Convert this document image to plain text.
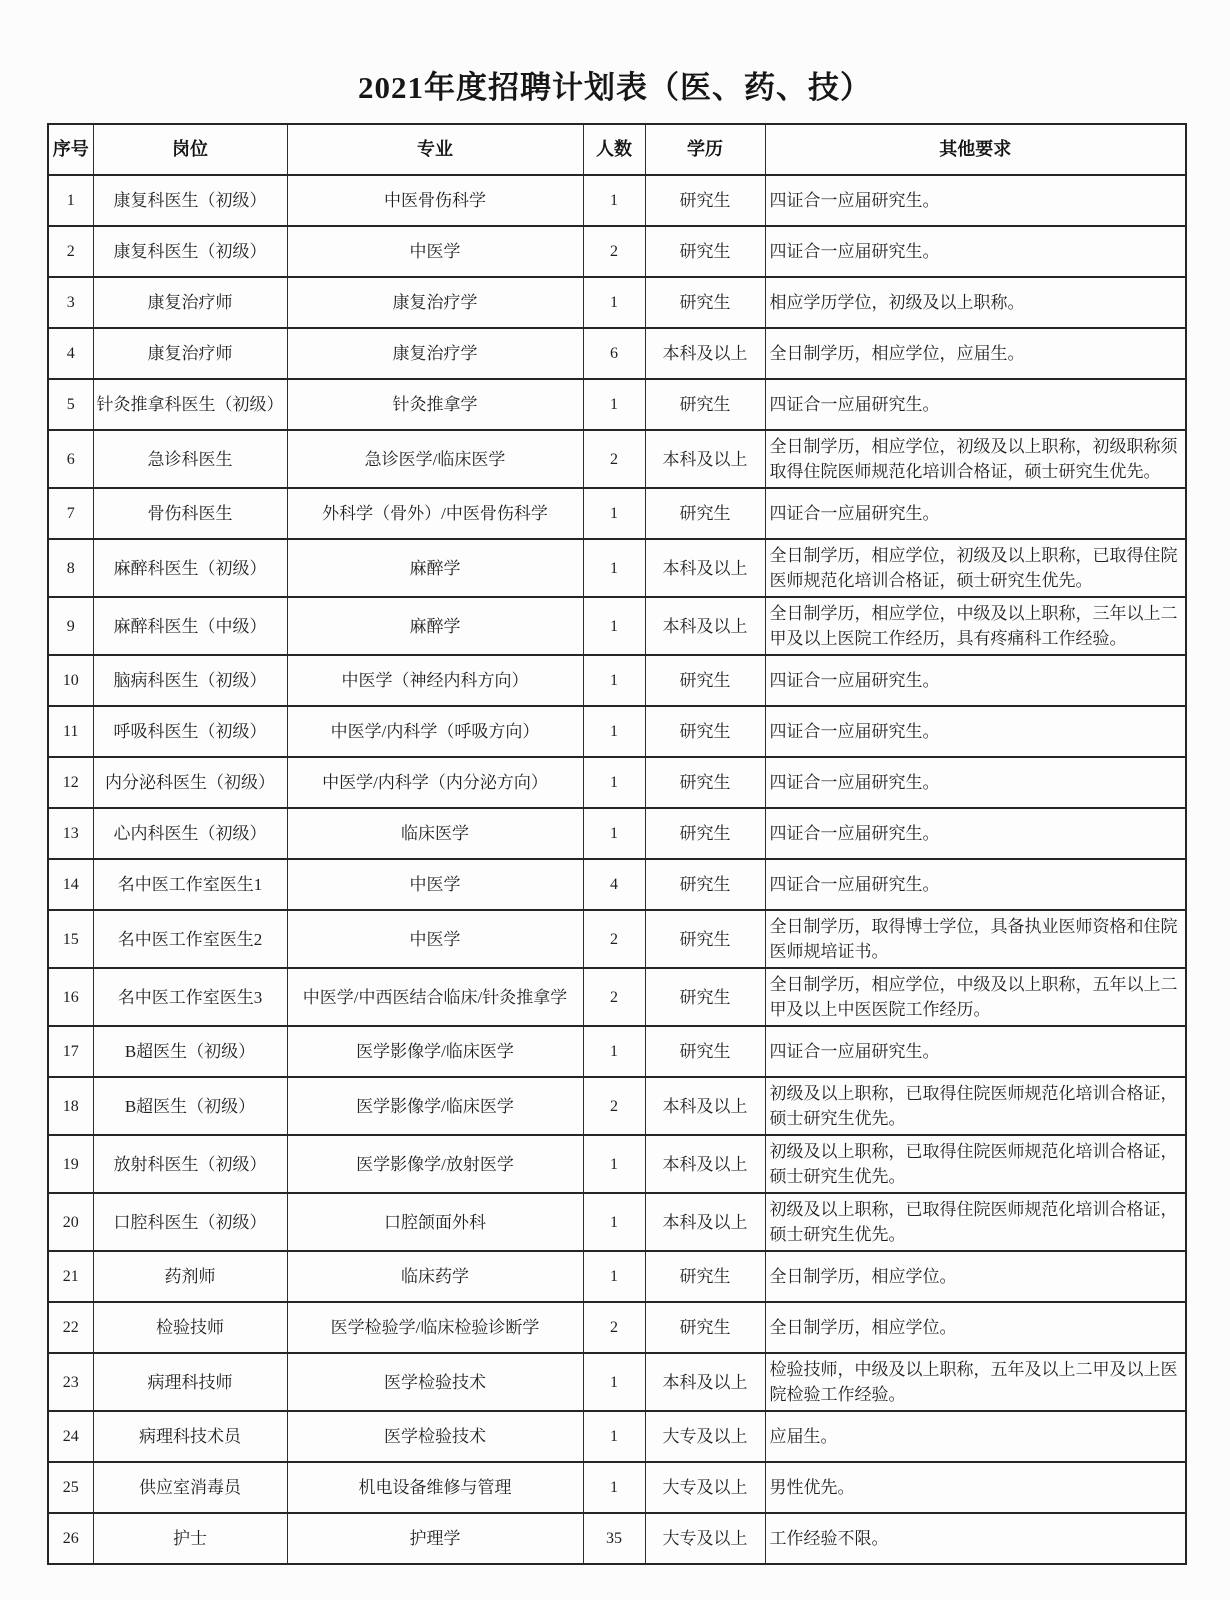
2021年度招聘计划表（医、药、技）
序号	岗位	专业	人数	学历	其他要求
1	康复科医生（初级）	中医骨伤科学	1	研究生	四证合一应届研究生。
2	康复科医生（初级）	中医学	2	研究生	四证合一应届研究生。
3	康复治疗师	康复治疗学	1	研究生	相应学历学位，初级及以上职称。
4	康复治疗师	康复治疗学	6	本科及以上	全日制学历，相应学位，应届生。
5	针灸推拿科医生（初级）	针灸推拿学	1	研究生	四证合一应届研究生。
6	急诊科医生	急诊医学/临床医学	2	本科及以上	全日制学历，相应学位，初级及以上职称，初级职称须取得住院医师规范化培训合格证，硕士研究生优先。
7	骨伤科医生	外科学（骨外）/中医骨伤科学	1	研究生	四证合一应届研究生。
8	麻醉科医生（初级）	麻醉学	1	本科及以上	全日制学历，相应学位，初级及以上职称，已取得住院医师规范化培训合格证，硕士研究生优先。
9	麻醉科医生（中级）	麻醉学	1	本科及以上	全日制学历，相应学位，中级及以上职称，三年以上二甲及以上医院工作经历，具有疼痛科工作经验。
10	脑病科医生（初级）	中医学（神经内科方向）	1	研究生	四证合一应届研究生。
11	呼吸科医生（初级）	中医学/内科学（呼吸方向）	1	研究生	四证合一应届研究生。
12	内分泌科医生（初级）	中医学/内科学（内分泌方向）	1	研究生	四证合一应届研究生。
13	心内科医生（初级）	临床医学	1	研究生	四证合一应届研究生。
14	名中医工作室医生1	中医学	4	研究生	四证合一应届研究生。
15	名中医工作室医生2	中医学	2	研究生	全日制学历，取得博士学位，具备执业医师资格和住院医师规培证书。
16	名中医工作室医生3	中医学/中西医结合临床/针灸推拿学	2	研究生	全日制学历，相应学位，中级及以上职称，五年以上二甲及以上中医医院工作经历。
17	B超医生（初级）	医学影像学/临床医学	1	研究生	四证合一应届研究生。
18	B超医生（初级）	医学影像学/临床医学	2	本科及以上	初级及以上职称，已取得住院医师规范化培训合格证，硕士研究生优先。
19	放射科医生（初级）	医学影像学/放射医学	1	本科及以上	初级及以上职称，已取得住院医师规范化培训合格证，硕士研究生优先。
20	口腔科医生（初级）	口腔颌面外科	1	本科及以上	初级及以上职称，已取得住院医师规范化培训合格证，硕士研究生优先。
21	药剂师	临床药学	1	研究生	全日制学历，相应学位。
22	检验技师	医学检验学/临床检验诊断学	2	研究生	全日制学历，相应学位。
23	病理科技师	医学检验技术	1	本科及以上	检验技师，中级及以上职称，五年及以上二甲及以上医院检验工作经验。
24	病理科技术员	医学检验技术	1	大专及以上	应届生。
25	供应室消毒员	机电设备维修与管理	1	大专及以上	男性优先。
26	护士	护理学	35	大专及以上	工作经验不限。
